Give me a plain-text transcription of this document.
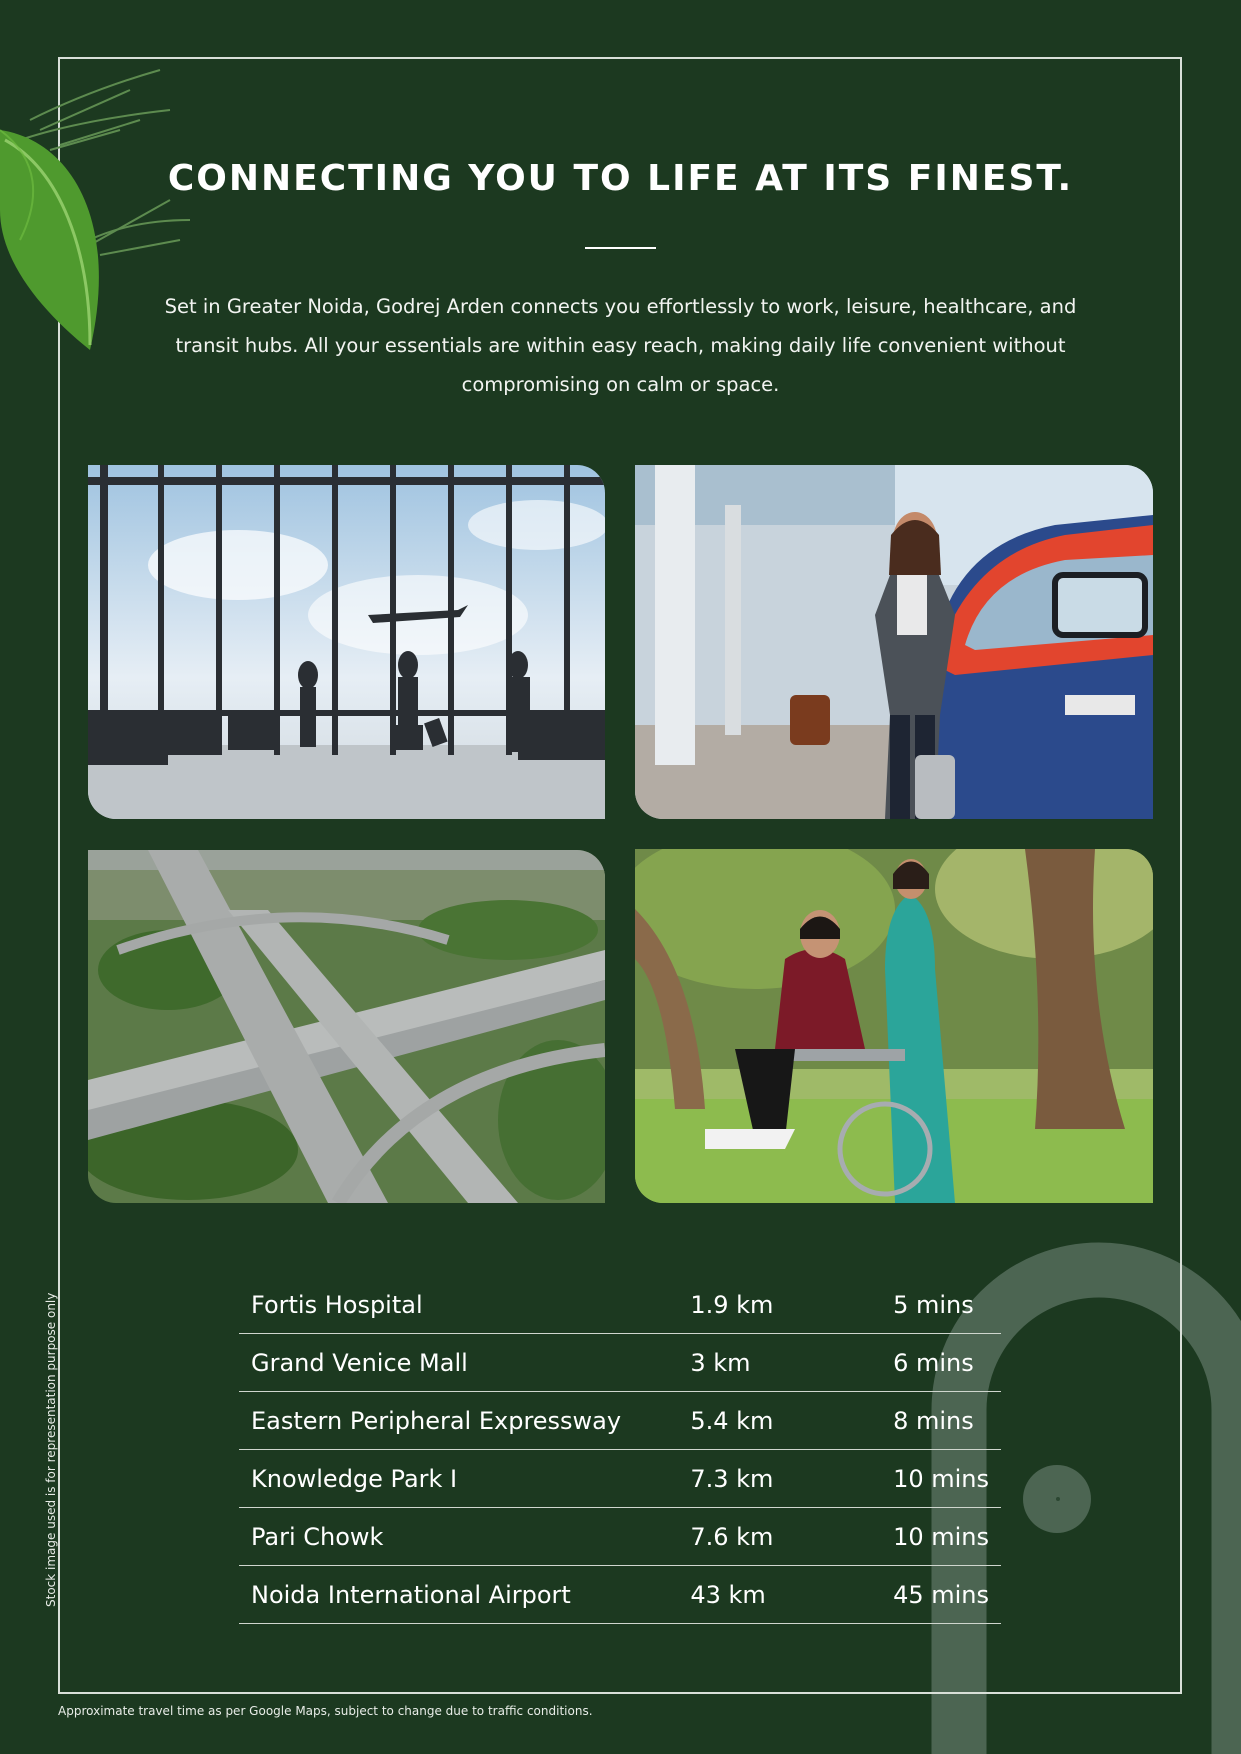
CONNECTING YOU TO LIFE AT ITS FINEST.

Set in Greater Noida, Godrej Arden connects you effortlessly to work, leisure, healthcare, and transit hubs. All your essentials are within easy reach, making daily life convenient without compromising on calm or space.

Fortis Hospital	1.9 km	5 mins
Grand Venice Mall	3 km	6 mins
Eastern Peripheral Expressway	5.4 km	8 mins
Knowledge Park I	7.3 km	10 mins
Pari Chowk	7.6 km	10 mins
Noida International Airport	43 km	45 mins
Stock image used is for representation purpose only
Approximate travel time as per Google Maps, subject to change due to traffic conditions.
